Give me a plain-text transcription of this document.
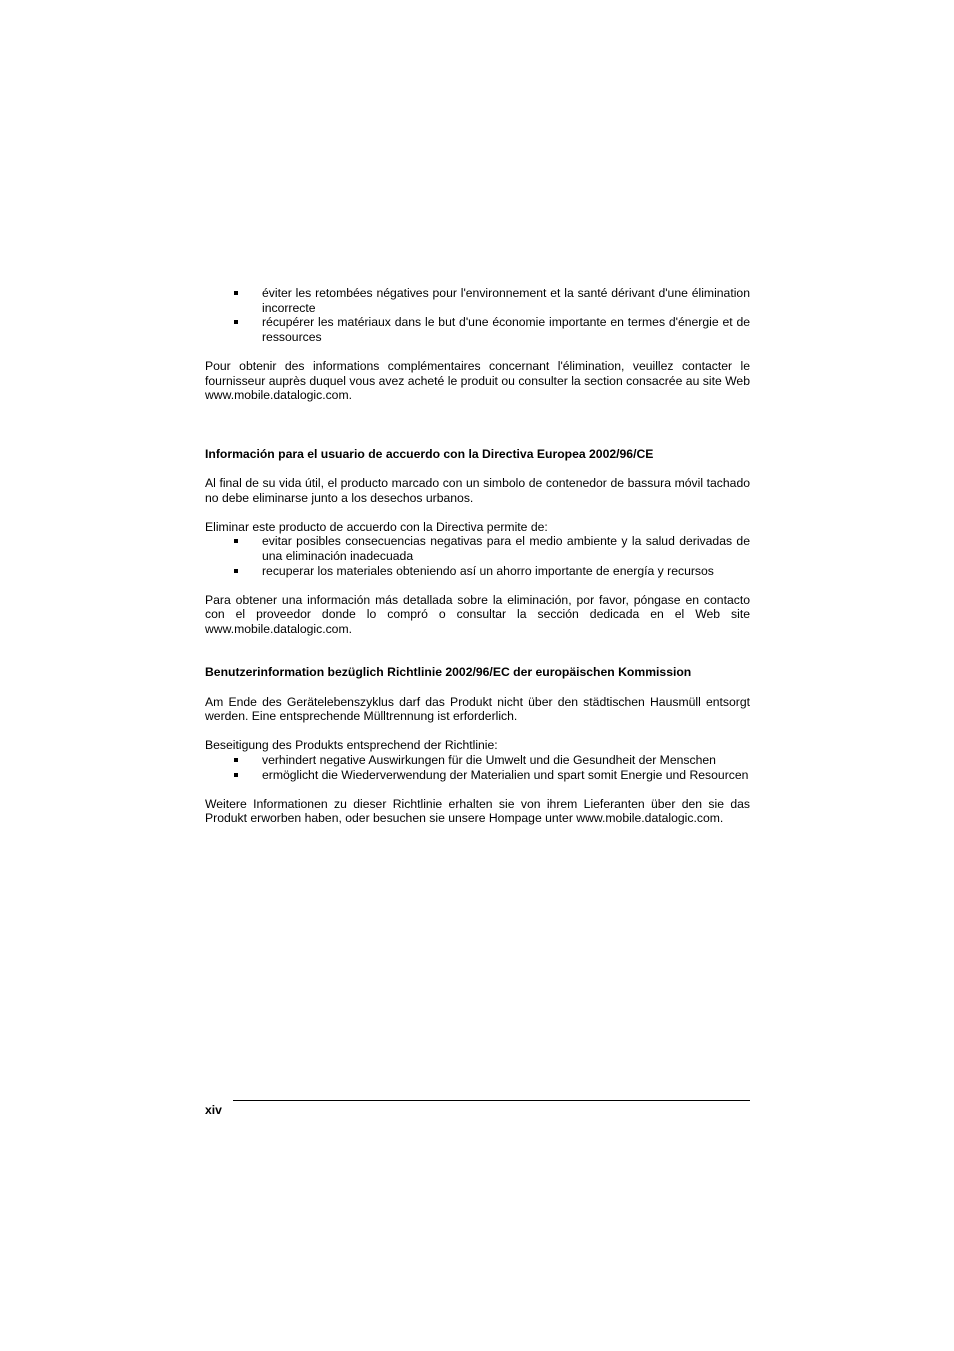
éviter les retombées négatives pour l'environnement et la santé dérivant d'une élimination incorrecte
récupérer les matériaux dans le but d'une économie importante en termes d'énergie et de ressources

Pour obtenir des informations complémentaires concernant l'élimination, veuillez contacter le fournisseur auprès duquel vous avez acheté le produit ou consulter la section consacrée au site Web www.mobile.datalogic.com.

Información para el usuario de accuerdo con la Directiva Europea 2002/96/CE

Al final de su vida útil, el producto marcado con un simbolo de contenedor de bassura móvil tachado no debe eliminarse junto a los desechos urbanos.

Eliminar este producto de accuerdo con la Directiva permite de:

evitar posibles consecuencias negativas para el medio ambiente y la salud derivadas de una eliminación inadecuada
recuperar los materiales obteniendo así un ahorro importante de energía y recursos

Para obtener una información más detallada sobre la eliminación, por favor, póngase en contacto con el proveedor donde lo compró o consultar la sección dedicada en el Web site www.mobile.datalogic.com.

Benutzerinformation bezüglich Richtlinie 2002/96/EC der europäischen Kommission

Am Ende des Gerätelebenszyklus darf das Produkt nicht über den städtischen Hausmüll entsorgt werden. Eine entsprechende Mülltrennung ist erforderlich.

Beseitigung des Produkts entsprechend der Richtlinie:

verhindert negative Auswirkungen für die Umwelt und die Gesundheit der Menschen
ermöglicht die Wiederverwendung der Materialien und spart somit Energie und Resourcen

Weitere Informationen zu dieser Richtlinie erhalten sie von ihrem Lieferanten über den sie das Produkt erworben haben, oder besuchen sie unsere Hompage unter www.mobile.datalogic.com.

xiv
